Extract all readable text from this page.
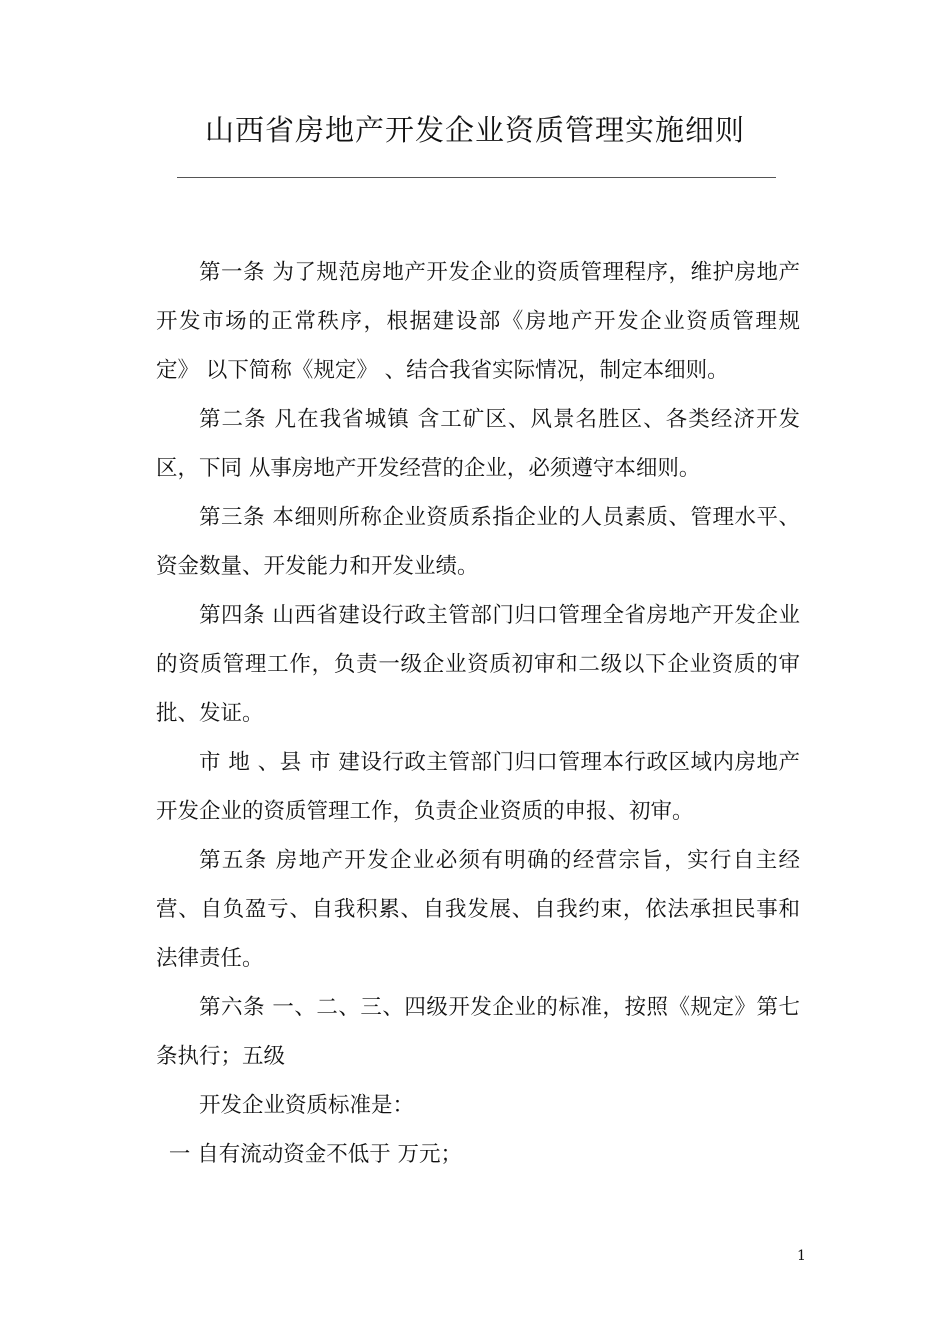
山西省房地产开发企业资质管理实施细则

第一条 为了规范房地产开发企业的资质管理程序，维护房地产开发市场的正常秩序，根据建设部《房地产开发企业资质管理规定》 以下简称《规定》 、结合我省实际情况，制定本细则。

第二条 凡在我省城镇 含工矿区、风景名胜区、各类经济开发区，下同 从事房地产开发经营的企业，必须遵守本细则。

第三条 本细则所称企业资质系指企业的人员素质、管理水平、资金数量、开发能力和开发业绩。

第四条 山西省建设行政主管部门归口管理全省房地产开发企业的资质管理工作，负责一级企业资质初审和二级以下企业资质的审批、发证。

市 地 、县 市 建设行政主管部门归口管理本行政区域内房地产开发企业的资质管理工作，负责企业资质的申报、初审。

第五条 房地产开发企业必须有明确的经营宗旨，实行自主经营、自负盈亏、自我积累、自我发展、自我约束，依法承担民事和法律责任。

第六条 一、二、三、四级开发企业的标准，按照《规定》第七条执行；五级

开发企业资质标准是：

一 自有流动资金不低于 万元；

1
